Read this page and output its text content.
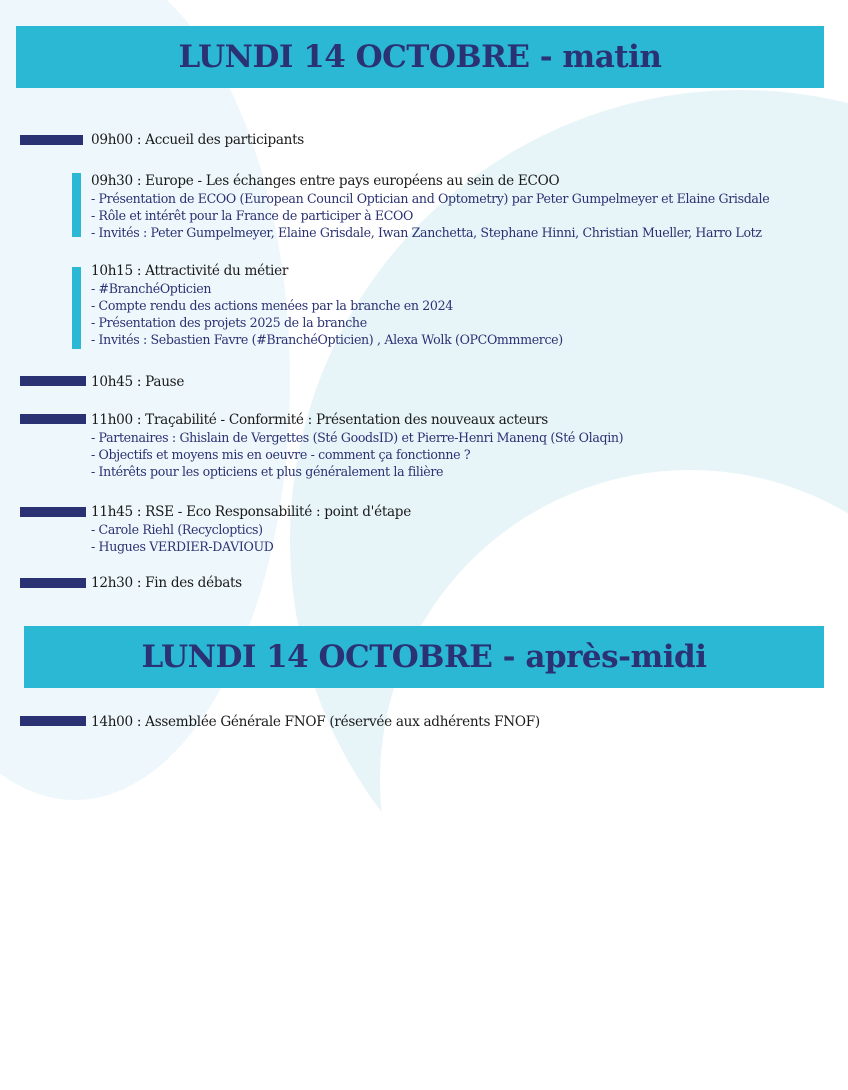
LUNDI 14 OCTOBRE - matin
09h00 : Accueil des participants
09h30 : Europe - Les échanges entre pays européens au sein de ECOO
- Présentation de ECOO (European Council Optician and Optometry) par Peter Gumpelmeyer et Elaine Grisdale
- Rôle et intérêt pour la France de participer à ECOO
- Invités : Peter Gumpelmeyer, Elaine Grisdale, Iwan Zanchetta, Stephane Hinni, Christian Mueller, Harro Lotz
10h15 : Attractivité du métier
- #BranchéOpticien
- Compte rendu des actions menées par la branche en 2024
- Présentation des projets 2025 de la branche
- Invités : Sebastien Favre (#BranchéOpticien) , Alexa Wolk (OPCOmmmerce)
10h45 : Pause
11h00 : Traçabilité - Conformité : Présentation des nouveaux acteurs
- Partenaires : Ghislain de Vergettes (Sté GoodsID) et Pierre-Henri Manenq (Sté Olaqin)
- Objectifs et moyens mis en oeuvre - comment ça fonctionne ?
- Intérêts pour les opticiens et plus généralement la filière
11h45 : RSE - Eco Responsabilité : point d'étape
- Carole Riehl (Recycloptics)
- Hugues VERDIER-DAVIOUD
12h30 : Fin des débats
LUNDI 14 OCTOBRE - après-midi
14h00 : Assemblée Générale FNOF (réservée aux adhérents FNOF)
